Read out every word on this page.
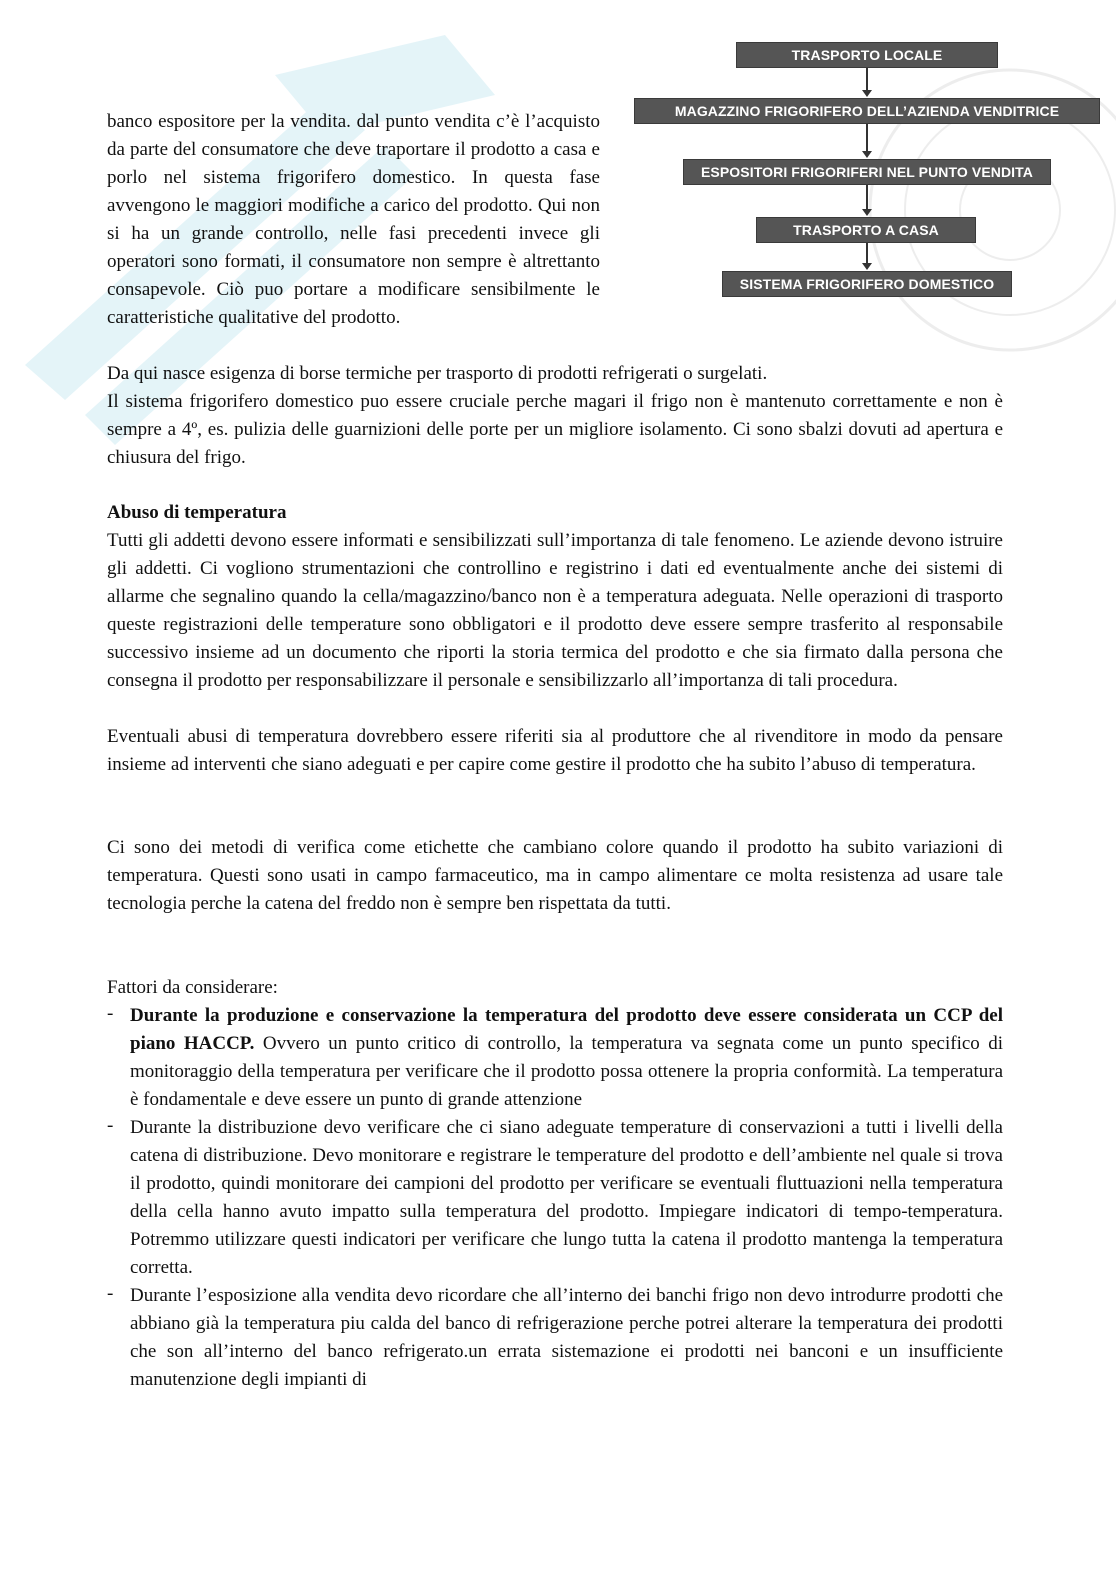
TRASPORTO LOCALE
MAGAZZINO FRIGORIFERO DELL’AZIENDA VENDITRICE
ESPOSITORI FRIGORIFERI NEL PUNTO VENDITA
TRASPORTO A CASA
SISTEMA FRIGORIFERO DOMESTICO
banco espositore per la vendita. dal punto vendita c’è l’acquisto da parte del consumatore che deve traportare il prodotto a casa e porlo nel sistema frigorifero domestico. In questa fase avvengono le maggiori modifiche a carico del prodotto. Qui non si ha un grande controllo, nelle fasi precedenti invece gli operatori sono formati, il consumatore non sempre è altrettanto consapevole. Ciò puo portare a modificare sensibilmente le caratteristiche qualitative del prodotto.
Da qui nasce esigenza di borse termiche per trasporto di prodotti refrigerati o surgelati.
Il sistema frigorifero domestico puo essere cruciale perche magari il frigo non è mantenuto correttamente e non è sempre a 4º, es. pulizia delle guarnizioni delle porte per un migliore isolamento. Ci sono sbalzi dovuti ad apertura e chiusura del frigo.
Abuso di temperatura
Tutti gli addetti devono essere informati e sensibilizzati sull’importanza di tale fenomeno. Le aziende devono istruire gli addetti. Ci vogliono strumentazioni che controllino e registrino i dati ed eventualmente anche dei sistemi di allarme che segnalino quando la cella/magazzino/banco non è a temperatura adeguata. Nelle operazioni di trasporto queste registrazioni delle temperature sono obbligatori e il prodotto deve essere sempre trasferito al responsabile successivo insieme ad un documento che riporti la storia termica del prodotto e che sia firmato dalla persona che consegna il prodotto per responsabilizzare il personale e sensibilizzarlo all’importanza di tali procedura.
Eventuali abusi di temperatura dovrebbero essere riferiti sia al produttore che al rivenditore in modo da pensare insieme ad interventi che siano adeguati e per capire come gestire il prodotto che ha subito l’abuso di temperatura.
Ci sono dei metodi di verifica come etichette che cambiano colore quando il prodotto ha subito variazioni di temperatura. Questi sono usati in campo farmaceutico, ma in campo alimentare ce molta resistenza ad usare tale tecnologia perche la catena del freddo non è sempre ben rispettata da tutti.
Fattori da considerare:
- Durante la produzione e conservazione la temperatura del prodotto deve essere considerata un CCP del piano HACCP. Ovvero un punto critico di controllo, la temperatura va segnata come un punto specifico di monitoraggio della temperatura per verificare che il prodotto possa ottenere la propria conformità. La temperatura è fondamentale e deve essere un punto di grande attenzione
- Durante la distribuzione devo verificare che ci siano adeguate temperature di conservazioni a tutti i livelli della catena di distribuzione. Devo monitorare e registrare le temperature del prodotto e dell’ambiente nel quale si trova il prodotto, quindi monitorare dei campioni del prodotto per verificare se eventuali fluttuazioni nella temperatura della cella hanno avuto impatto sulla temperatura del prodotto. Impiegare indicatori di tempo-temperatura. Potremmo utilizzare questi indicatori per verificare che lungo tutta la catena il prodotto mantenga la temperatura corretta.
- Durante l’esposizione alla vendita devo ricordare che all’interno dei banchi frigo non devo introdurre prodotti che abbiano già la temperatura piu calda del banco di refrigerazione perche potrei alterare la temperatura dei prodotti che son all’interno del banco refrigerato.un errata sistemazione ei prodotti nei banconi e un insufficiente manutenzione degli impianti di
